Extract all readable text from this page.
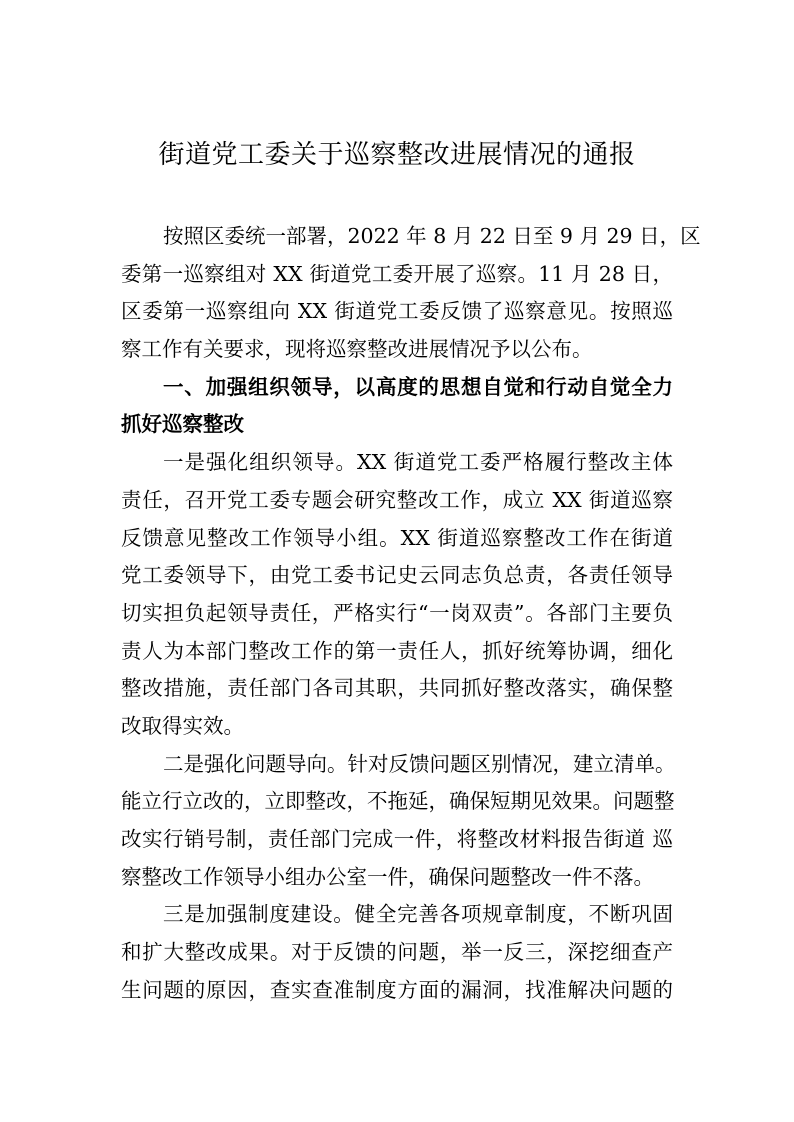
街道党工委关于巡察整改进展情况的通报
按照区委统一部署，2022 年 8 月 22 日至 9 月 29 日，区
委第一巡察组对 XX 街道党工委开展了巡察。11 月 28 日，
区委第一巡察组向 XX 街道党工委反馈了巡察意见。按照巡
察工作有关要求，现将巡察整改进展情况予以公布。
一、加强组织领导，以高度的思想自觉和行动自觉全力
抓好巡察整改
一是强化组织领导。XX 街道党工委严格履行整改主体
责任，召开党工委专题会研究整改工作，成立 XX 街道巡察
反馈意见整改工作领导小组。XX 街道巡察整改工作在街道
党工委领导下，由党工委书记史云同志负总责，各责任领导
切实担负起领导责任，严格实行“一岗双责”。各部门主要负
责人为本部门整改工作的第一责任人，抓好统筹协调，细化
整改措施，责任部门各司其职，共同抓好整改落实，确保整
改取得实效。
二是强化问题导向。针对反馈问题区别情况，建立清单。
能立行立改的，立即整改，不拖延，确保短期见效果。问题整
改实行销号制，责任部门完成一件，将整改材料报告街道 巡
察整改工作领导小组办公室一件，确保问题整改一件不落。
三是加强制度建设。健全完善各项规章制度，不断巩固
和扩大整改成果。对于反馈的问题，举一反三，深挖细查产
生问题的原因，查实查准制度方面的漏洞，找准解决问题的
